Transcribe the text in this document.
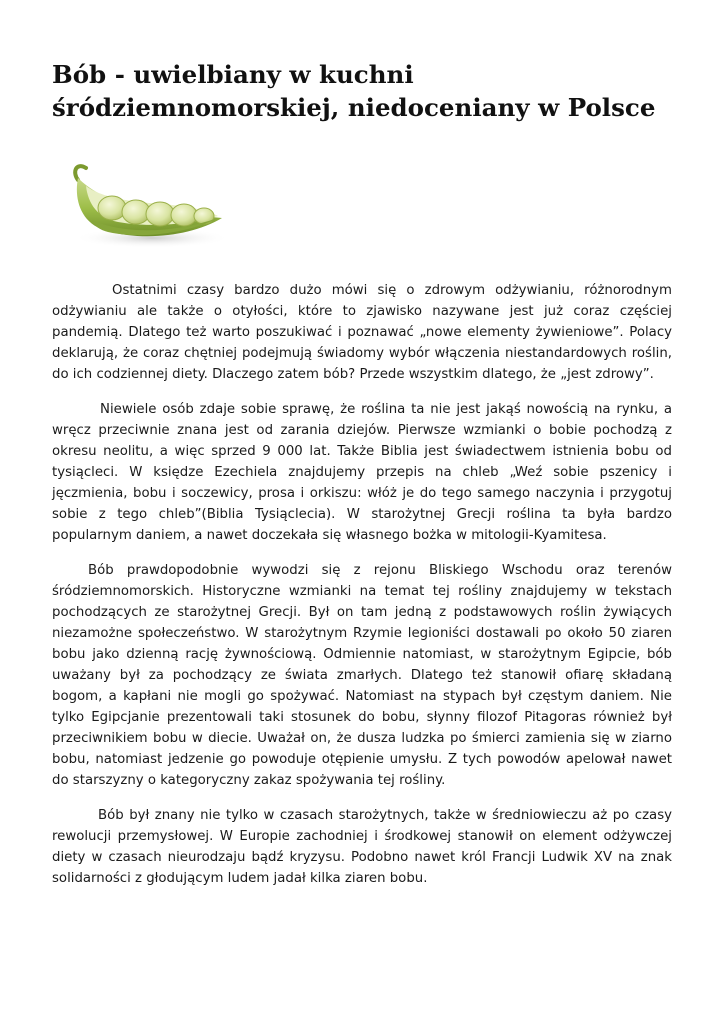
Bób - uwielbiany w kuchni śródziemnomorskiej, niedoceniany w Polsce

Ostatnimi czasy bardzo dużo mówi się o zdrowym odżywianiu, różnorodnym odżywianiu ale także o otyłości, które to zjawisko nazywane jest już coraz częściej pandemią. Dlatego też warto poszukiwać i poznawać „nowe elementy żywieniowe”. Polacy deklarują, że coraz chętniej podejmują świadomy wybór włączenia niestandardowych roślin, do ich codziennej diety. Dlaczego zatem bób? Przede wszystkim dlatego, że „jest zdrowy”.

Niewiele osób zdaje sobie sprawę, że roślina ta nie jest jakąś nowością na rynku, a wręcz przeciwnie znana jest od zarania dziejów. Pierwsze wzmianki o bobie pochodzą z okresu neolitu, a więc sprzed 9 000 lat. Także Biblia jest świadectwem istnienia bobu od tysiącleci. W księdze Ezechiela znajdujemy przepis na chleb „Weź sobie pszenicy i jęczmienia, bobu i soczewicy, prosa i orkiszu: włóż je do tego samego naczynia i przygotuj sobie z tego chleb”(Biblia Tysiąclecia). W starożytnej Grecji roślina ta była bardzo popularnym daniem, a nawet doczekała się własnego bożka w mitologii-Kyamitesa.

Bób prawdopodobnie wywodzi się z rejonu Bliskiego Wschodu oraz terenów śródziemnomorskich. Historyczne wzmianki na temat tej rośliny znajdujemy w tekstach pochodzących ze starożytnej Grecji. Był on tam jedną z podstawowych roślin żywiących niezamożne społeczeństwo. W starożytnym Rzymie legioniści dostawali po około 50 ziaren bobu jako dzienną rację żywnościową. Odmiennie natomiast, w starożytnym Egipcie, bób uważany był za pochodzący ze świata zmarłych. Dlatego też stanowił ofiarę składaną bogom, a kapłani nie mogli go spożywać. Natomiast na stypach był częstym daniem. Nie tylko Egipcjanie prezentowali taki stosunek do bobu, słynny filozof Pitagoras również był przeciwnikiem bobu w diecie. Uważał on, że dusza ludzka po śmierci zamienia się w ziarno bobu, natomiast jedzenie go powoduje otępienie umysłu. Z tych powodów apelował nawet do starszyzny o kategoryczny zakaz spożywania tej rośliny.

Bób był znany nie tylko w czasach starożytnych, także w średniowieczu aż po czasy rewolucji przemysłowej. W Europie zachodniej i środkowej stanowił on element odżywczej diety w czasach nieurodzaju bądź kryzysu. Podobno nawet król Francji Ludwik XV na znak solidarności z głodującym ludem jadał kilka ziaren bobu.
